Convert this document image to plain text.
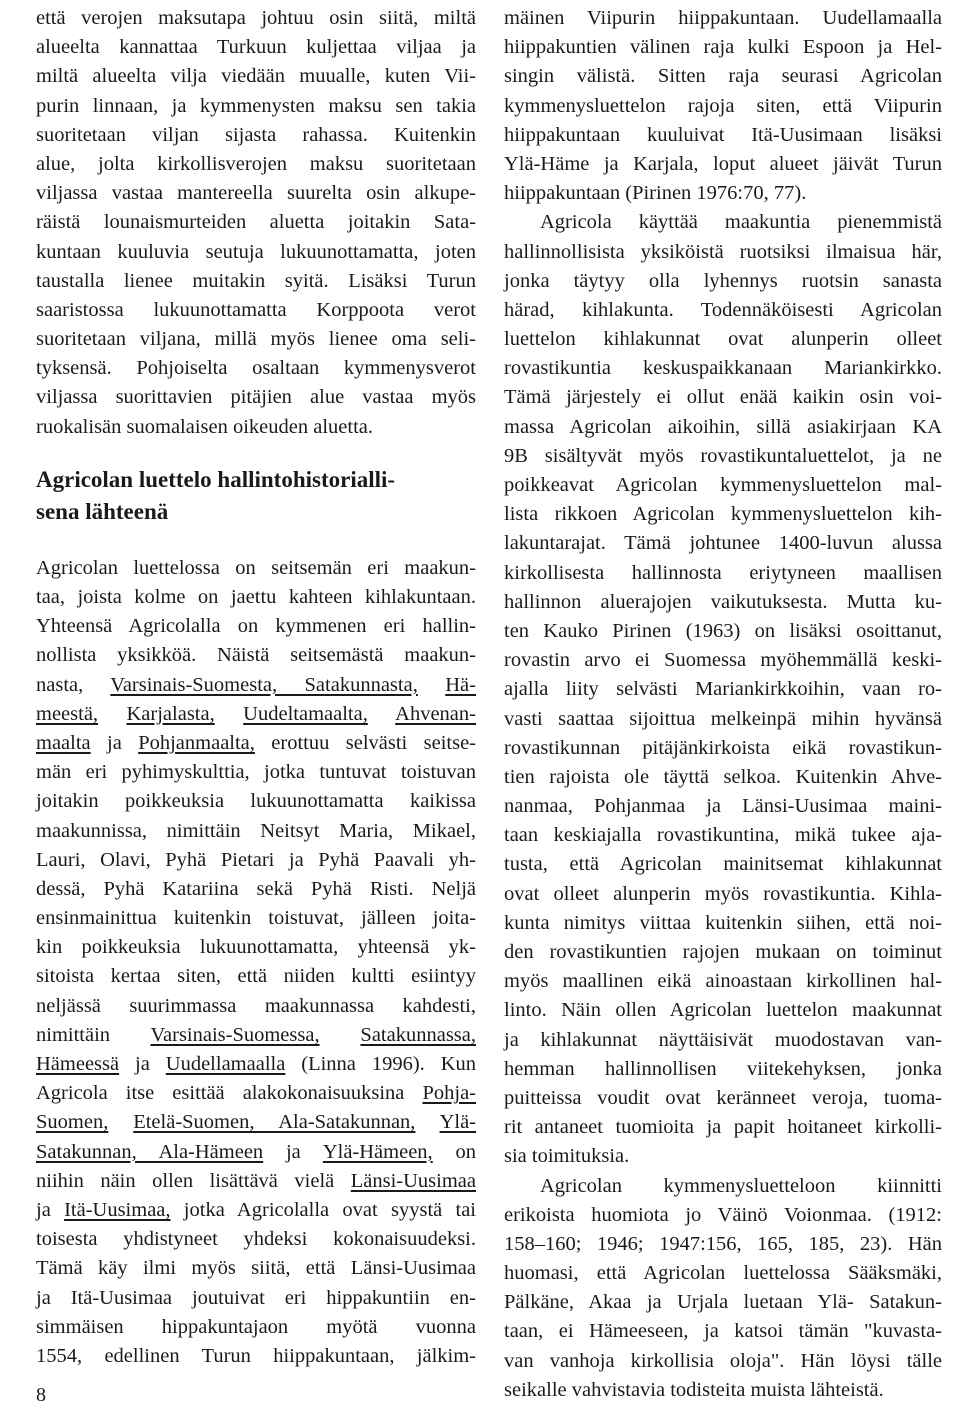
että verojen maksutapa johtuu osin siitä, miltä
alueelta kannattaa Turkuun kuljettaa viljaa ja
miltä alueelta vilja viedään muualle, kuten Vii-
purin linnaan, ja kymmenysten maksu sen takia
suoritetaan viljan sijasta rahassa. Kuitenkin
alue, jolta kirkollisverojen maksu suoritetaan
viljassa vastaa mantereella suurelta osin alkupe-
räistä lounaismurteiden aluetta joitakin Sata-
kuntaan kuuluvia seutuja lukuunottamatta, joten
taustalla lienee muitakin syitä. Lisäksi Turun
saaristossa lukuunottamatta Korppoota verot
suoritetaan viljana, millä myös lienee oma seli-
tyksensä. Pohjoiselta osaltaan kymmenysverot
viljassa suorittavien pitäjien alue vastaa myös
ruokalisän suomalaisen oikeuden aluetta.
Agricolan luettelo hallintohistorialli-
sena lähteenä
Agricolan luettelossa on seitsemän eri maakun-
taa, joista kolme on jaettu kahteen kihlakuntaan.
Yhteensä Agricolalla on kymmenen eri hallin-
nollista yksikköä. Näistä seitsemästä maakun-
nasta, Varsinais-Suomesta, Satakunnasta, Hä-
meestä, Karjalasta, Uudeltamaalta, Ahvenan-
maalta ja Pohjanmaalta, erottuu selvästi seitse-
män eri pyhimyskulttia, jotka tuntuvat toistuvan
joitakin poikkeuksia lukuunottamatta kaikissa
maakunnissa, nimittäin Neitsyt Maria, Mikael,
Lauri, Olavi, Pyhä Pietari ja Pyhä Paavali yh-
dessä, Pyhä Katariina sekä Pyhä Risti. Neljä
ensinmainittua kuitenkin toistuvat, jälleen joita-
kin poikkeuksia lukuunottamatta, yhteensä yk-
sitoista kertaa siten, että niiden kultti esiintyy
neljässä suurimmassa maakunnassa kahdesti,
nimittäin Varsinais-Suomessa, Satakunnassa,
Hämeessä ja Uudellamaalla (Linna 1996). Kun
Agricola itse esittää alakokonaisuuksina Pohja-
Suomen, Etelä-Suomen, Ala-Satakunnan, Ylä-
Satakunnan, Ala-Hämeen ja Ylä-Hämeen, on
niihin näin ollen lisättävä vielä Länsi-Uusimaa
ja Itä-Uusimaa, jotka Agricolalla ovat syystä tai
toisesta yhdistyneet yhdeksi kokonaisuudeksi.
Tämä käy ilmi myös siitä, että Länsi-Uusimaa
ja Itä-Uusimaa joutuivat eri hippakuntiin en-
simmäisen hippakuntajaon myötä vuonna
1554, edellinen Turun hiippakuntaan, jälkim-
mäinen Viipurin hiippakuntaan. Uudellamaalla
hiippakuntien välinen raja kulki Espoon ja Hel-
singin välistä. Sitten raja seurasi Agricolan
kymmenysluettelon rajoja siten, että Viipurin
hiippakuntaan kuuluivat Itä-Uusimaan lisäksi
Ylä-Häme ja Karjala, loput alueet jäivät Turun
hiippakuntaan (Pirinen 1976:70, 77).
Agricola käyttää maakuntia pienemmistä
hallinnollisista yksiköistä ruotsiksi ilmaisua här,
jonka täytyy olla lyhennys ruotsin sanasta
härad, kihlakunta. Todennäköisesti Agricolan
luettelon kihlakunnat ovat alunperin olleet
rovastikuntia keskuspaikkanaan Mariankirkko.
Tämä järjestely ei ollut enää kaikin osin voi-
massa Agricolan aikoihin, sillä asiakirjaan KA
9B sisältyvät myös rovastikuntaluettelot, ja ne
poikkeavat Agricolan kymmenysluettelon mal-
lista rikkoen Agricolan kymmenysluettelon kih-
lakuntarajat. Tämä johtunee 1400-luvun alussa
kirkollisesta hallinnosta eriytyneen maallisen
hallinnon aluerajojen vaikutuksesta. Mutta ku-
ten Kauko Pirinen (1963) on lisäksi osoittanut,
rovastin arvo ei Suomessa myöhemmällä keski-
ajalla liity selvästi Mariankirkkoihin, vaan ro-
vasti saattaa sijoittua melkeinpä mihin hyvänsä
rovastikunnan pitäjänkirkoista eikä rovastikun-
tien rajoista ole täyttä selkoa. Kuitenkin Ahve-
nanmaa, Pohjanmaa ja Länsi-Uusimaa maini-
taan keskiajalla rovastikuntina, mikä tukee aja-
tusta, että Agricolan mainitsemat kihlakunnat
ovat olleet alunperin myös rovastikuntia. Kihla-
kunta nimitys viittaa kuitenkin siihen, että noi-
den rovastikuntien rajojen mukaan on toiminut
myös maallinen eikä ainoastaan kirkollinen hal-
linto. Näin ollen Agricolan luettelon maakunnat
ja kihlakunnat näyttäisivät muodostavan van-
hemman hallinnollisen viitekehyksen, jonka
puitteissa voudit ovat keränneet veroja, tuoma-
rit antaneet tuomioita ja papit hoitaneet kirkolli-
sia toimituksia.
Agricolan kymmenysluetteloon kiinnitti
erikoista huomiota jo Väinö Voionmaa. (1912:
158–160; 1946; 1947:156, 165, 185, 23). Hän
huomasi, että Agricolan luettelossa Sääksmäki,
Pälkäne, Akaa ja Urjala luetaan Ylä- Satakun-
taan, ei Hämeeseen, ja katsoi tämän "kuvasta-
van vanhoja kirkollisia oloja". Hän löysi tälle
seikalle vahvistavia todisteita muista lähteistä.
8
